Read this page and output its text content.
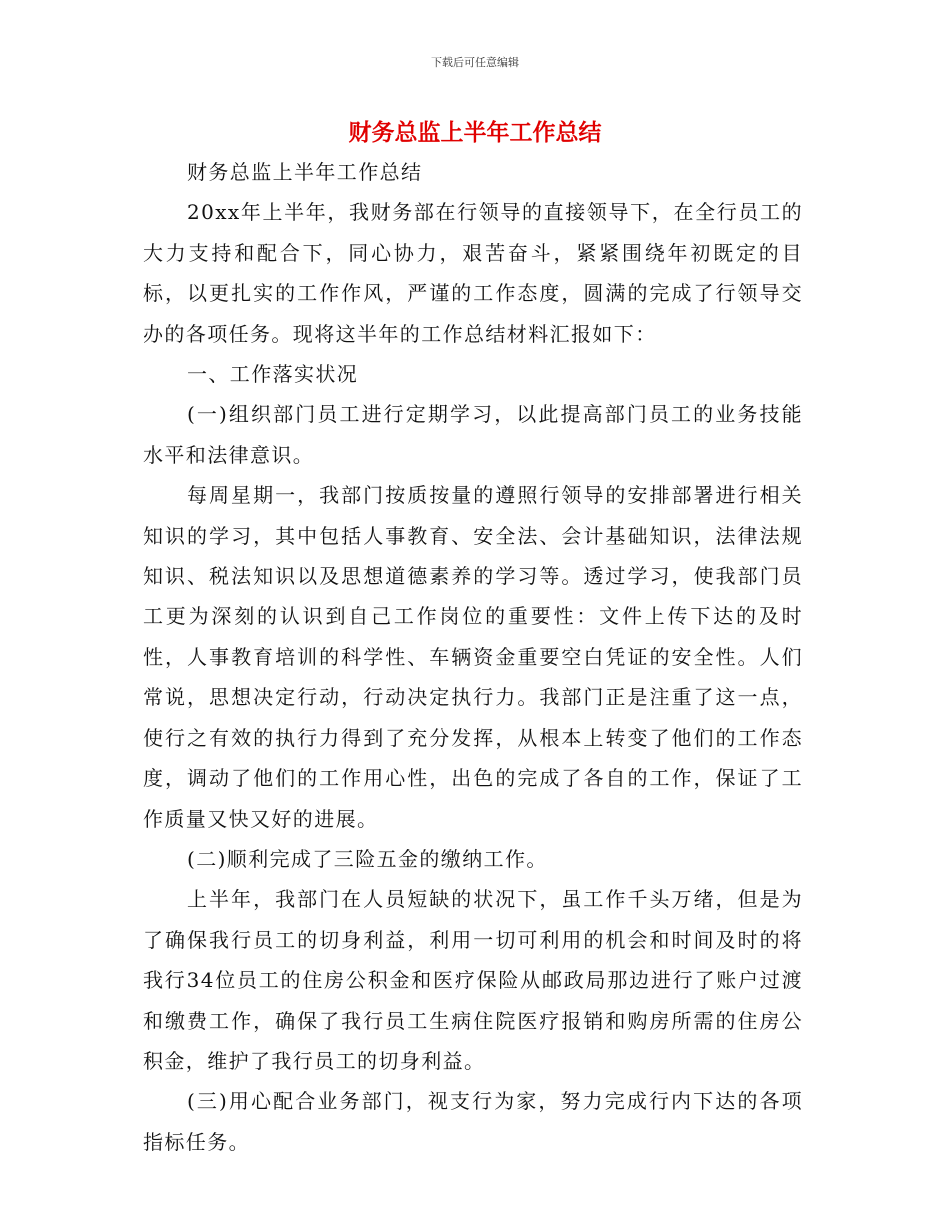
下载后可任意编辑
财务总监上半年工作总结

财务总监上半年工作总结

20xx年上半年，我财务部在行领导的直接领导下，在全行员工的大力支持和配合下，同心协力，艰苦奋斗，紧紧围绕年初既定的目标，以更扎实的工作作风，严谨的工作态度，圆满的完成了行领导交办的各项任务。现将这半年的工作总结材料汇报如下：

一、工作落实状况

(一)组织部门员工进行定期学习，以此提高部门员工的业务技能水平和法律意识。

每周星期一，我部门按质按量的遵照行领导的安排部署进行相关知识的学习，其中包括人事教育、安全法、会计基础知识，法律法规知识、税法知识以及思想道德素养的学习等。透过学习，使我部门员工更为深刻的认识到自己工作岗位的重要性：文件上传下达的及时性，人事教育培训的科学性、车辆资金重要空白凭证的安全性。人们常说，思想决定行动，行动决定执行力。我部门正是注重了这一点，使行之有效的执行力得到了充分发挥，从根本上转变了他们的工作态度，调动了他们的工作用心性，出色的完成了各自的工作，保证了工作质量又快又好的进展。

(二)顺利完成了三险五金的缴纳工作。

上半年，我部门在人员短缺的状况下，虽工作千头万绪，但是为了确保我行员工的切身利益，利用一切可利用的机会和时间及时的将我行34位员工的住房公积金和医疗保险从邮政局那边进行了账户过渡和缴费工作，确保了我行员工生病住院医疗报销和购房所需的住房公积金，维护了我行员工的切身利益。

(三)用心配合业务部门，视支行为家，努力完成行内下达的各项指标任务。
